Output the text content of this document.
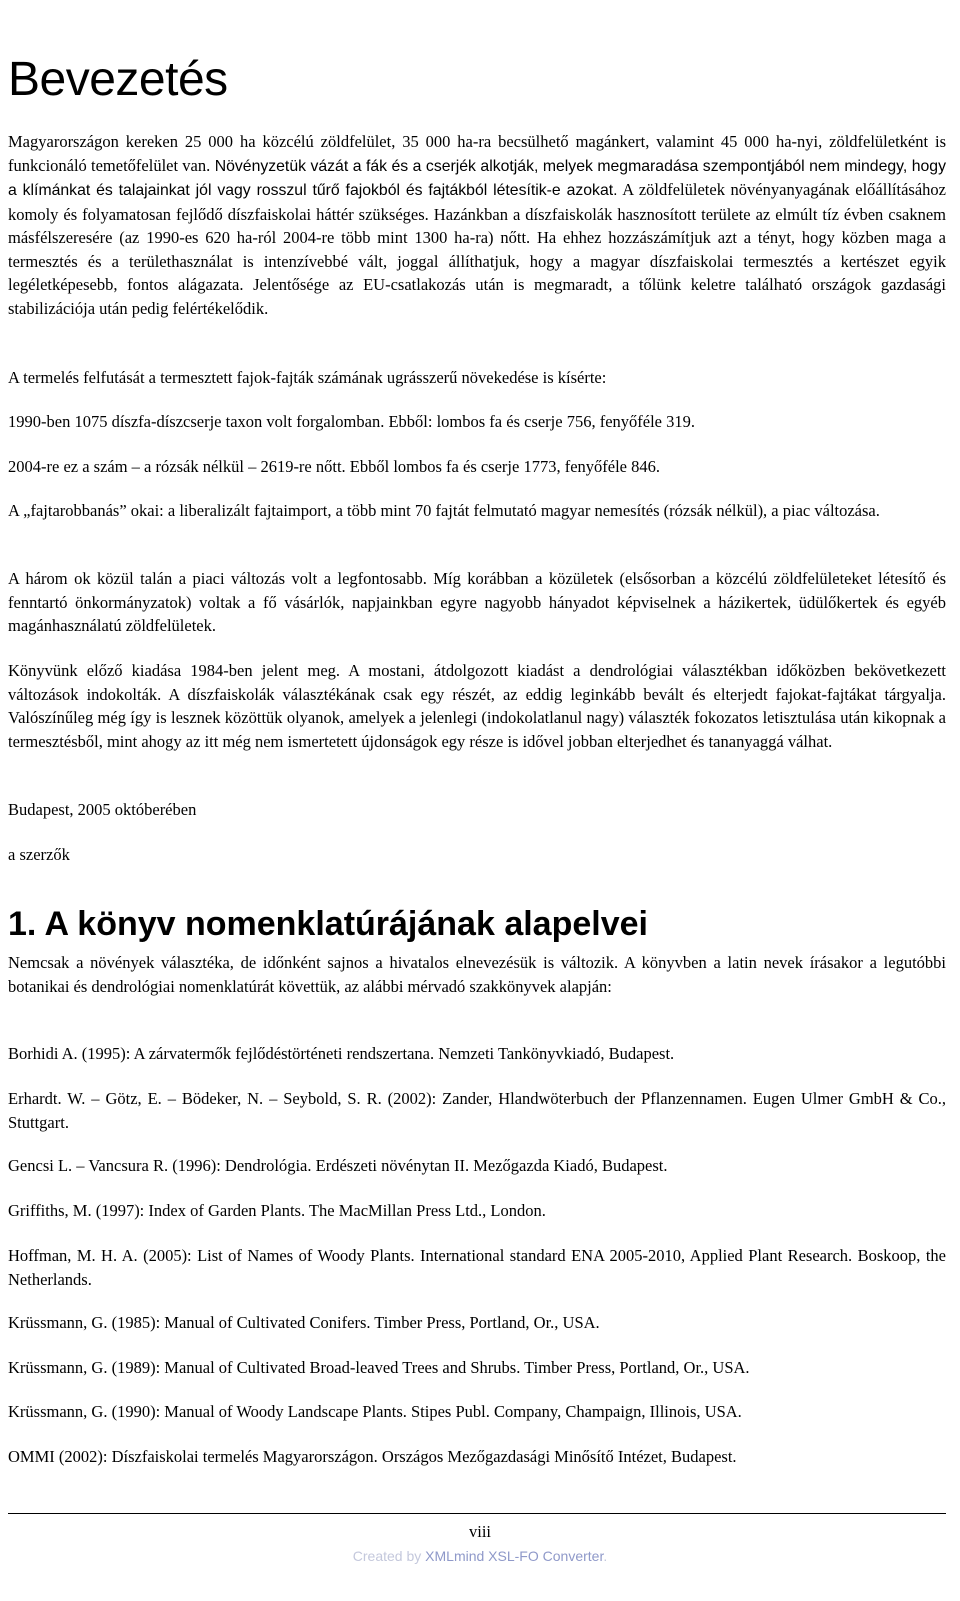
Bevezetés

Magyarországon kereken 25 000 ha közcélú zöldfelület, 35 000 ha-ra becsülhető magánkert, valamint 45 000 ha-nyi, zöldfelületként is funkcionáló temetőfelület van. Növényzetük vázát a fák és a cserjék alkotják, melyek megmaradása szempontjából nem mindegy, hogy a klímánkat és talajainkat jól vagy rosszul tűrő fajokból és fajtákból létesítik-e azokat. A zöldfelületek növényanyagának előállításához komoly és folyamatosan fejlődő díszfaiskolai háttér szükséges. Hazánkban a díszfaiskolák hasznosított területe az elmúlt tíz évben csaknem másfélszeresére (az 1990-es 620 ha-ról 2004-re több mint 1300 ha-ra) nőtt. Ha ehhez hozzászámítjuk azt a tényt, hogy közben maga a termesztés és a területhasználat is intenzívebbé vált, joggal állíthatjuk, hogy a magyar díszfaiskolai termesztés a kertészet egyik legéletképesebb, fontos alágazata. Jelentősége az EU-csatlakozás után is megmaradt, a tőlünk keletre található országok gazdasági stabilizációja után pedig felértékelődik.

A termelés felfutását a termesztett fajok-fajták számának ugrásszerű növekedése is kísérte:

1990-ben 1075 díszfa-díszcserje taxon volt forgalomban. Ebből: lombos fa és cserje 756, fenyőféle 319.

2004-re ez a szám – a rózsák nélkül – 2619-re nőtt. Ebből lombos fa és cserje 1773, fenyőféle 846.

A „fajtarobbanás” okai: a liberalizált fajtaimport, a több mint 70 fajtát felmutató magyar nemesítés (rózsák nélkül), a piac változása.

A három ok közül talán a piaci változás volt a legfontosabb. Míg korábban a közületek (elsősorban a közcélú zöldfelületeket létesítő és fenntartó önkormányzatok) voltak a fő vásárlók, napjainkban egyre nagyobb hányadot képviselnek a házikertek, üdülőkertek és egyéb magánhasználatú zöldfelületek.

Könyvünk előző kiadása 1984-ben jelent meg. A mostani, átdolgozott kiadást a dendrológiai választékban időközben bekövetkezett változások indokolták. A díszfaiskolák választékának csak egy részét, az eddig leginkább bevált és elterjedt fajokat-fajtákat tárgyalja. Valószínűleg még így is lesznek közöttük olyanok, amelyek a jelenlegi (indokolatlanul nagy) választék fokozatos letisztulása után kikopnak a termesztésből, mint ahogy az itt még nem ismertetett újdonságok egy része is idővel jobban elterjedhet és tananyaggá válhat.

Budapest, 2005 októberében

a szerzők

1. A könyv nomenklatúrájának alapelvei

Nemcsak a növények választéka, de időnként sajnos a hivatalos elnevezésük is változik. A könyvben a latin nevek írásakor a legutóbbi botanikai és dendrológiai nomenklatúrát követtük, az alábbi mérvadó szakkönyvek alapján:

Borhidi A. (1995): A zárvatermők fejlődéstörténeti rendszertana. Nemzeti Tankönyvkiadó, Budapest.

Erhardt. W. – Götz, E. – Bödeker, N. – Seybold, S. R. (2002): Zander, Hlandwöterbuch der Pflanzennamen. Eugen Ulmer GmbH & Co., Stuttgart.

Gencsi L. – Vancsura R. (1996): Dendrológia. Erdészeti növénytan II. Mezőgazda Kiadó, Budapest.

Griffiths, M. (1997): Index of Garden Plants. The MacMillan Press Ltd., London.

Hoffman, M. H. A. (2005): List of Names of Woody Plants. International standard ENA 2005-2010, Applied Plant Research. Boskoop, the Netherlands.

Krüssmann, G. (1985): Manual of Cultivated Conifers. Timber Press, Portland, Or., USA.

Krüssmann, G. (1989): Manual of Cultivated Broad-leaved Trees and Shrubs. Timber Press, Portland, Or., USA.

Krüssmann, G. (1990): Manual of Woody Landscape Plants. Stipes Publ. Company, Champaign, Illinois, USA.

OMMI (2002): Díszfaiskolai termelés Magyarországon. Országos Mezőgazdasági Minősítő Intézet, Budapest.

viii
Created by XMLmind XSL-FO Converter.
